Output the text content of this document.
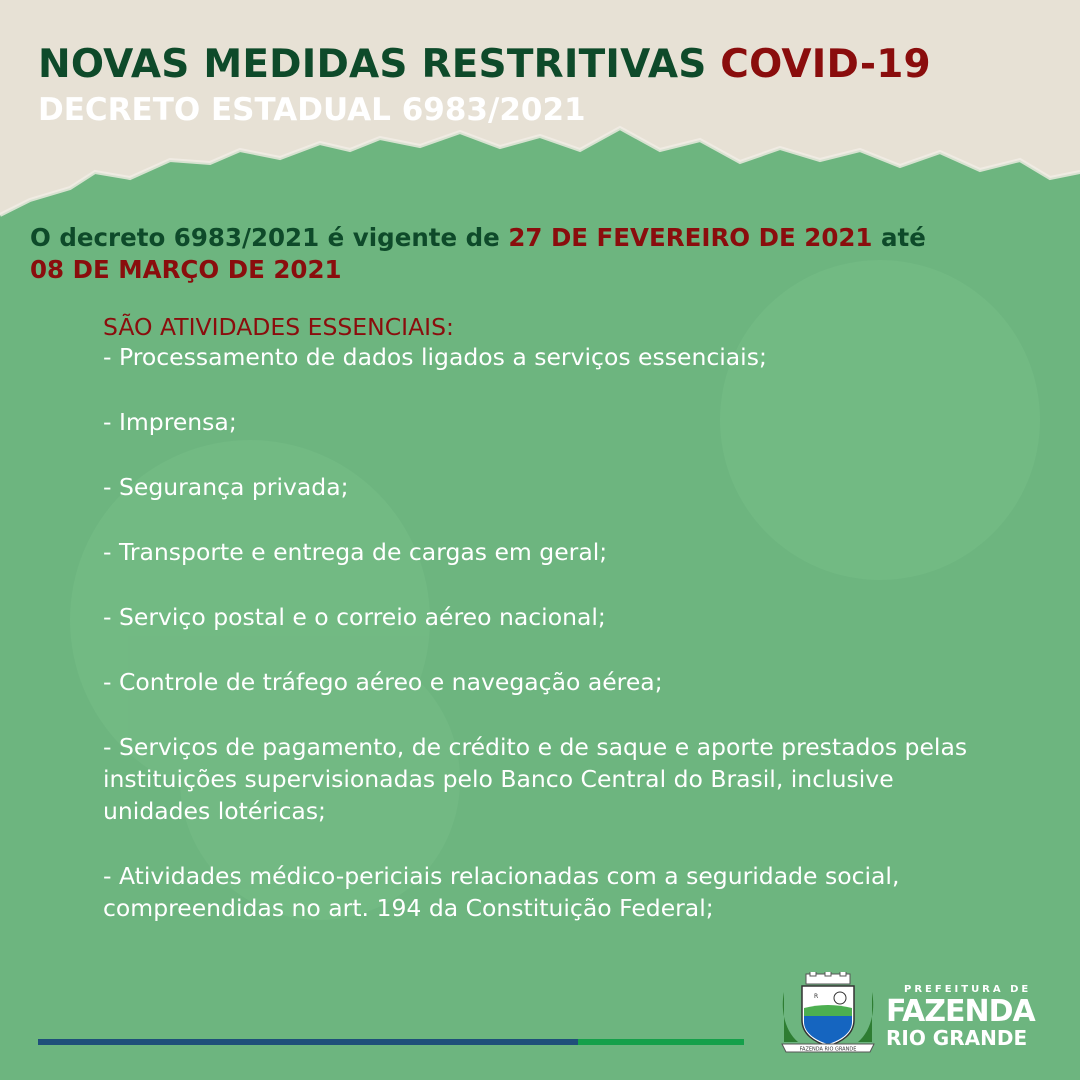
NOVAS MEDIDAS RESTRITIVAS COVID-19
DECRETO ESTADUAL 6983/2021

O decreto 6983/2021 é vigente de 27 DE FEVEREIRO DE 2021 até
08 DE MARÇO DE 2021

SÃO ATIVIDADES ESSENCIAIS:

- Processamento de dados ligados a serviços essenciais;

- Imprensa;

- Segurança privada;

- Transporte e entrega de cargas em geral;

- Serviço postal e o correio aéreo nacional;

- Controle de tráfego aéreo e navegação aérea;

- Serviços de pagamento, de crédito e de saque e aporte prestados pelas instituições supervisionadas pelo Banco Central do Brasil, inclusive unidades lotéricas;

- Atividades médico-periciais relacionadas com a seguridade social, compreendidas no art. 194 da Constituição Federal;

R
FAZENDA RIO GRANDE

PREFEITURA DE

FAZENDA

RIO GRANDE
